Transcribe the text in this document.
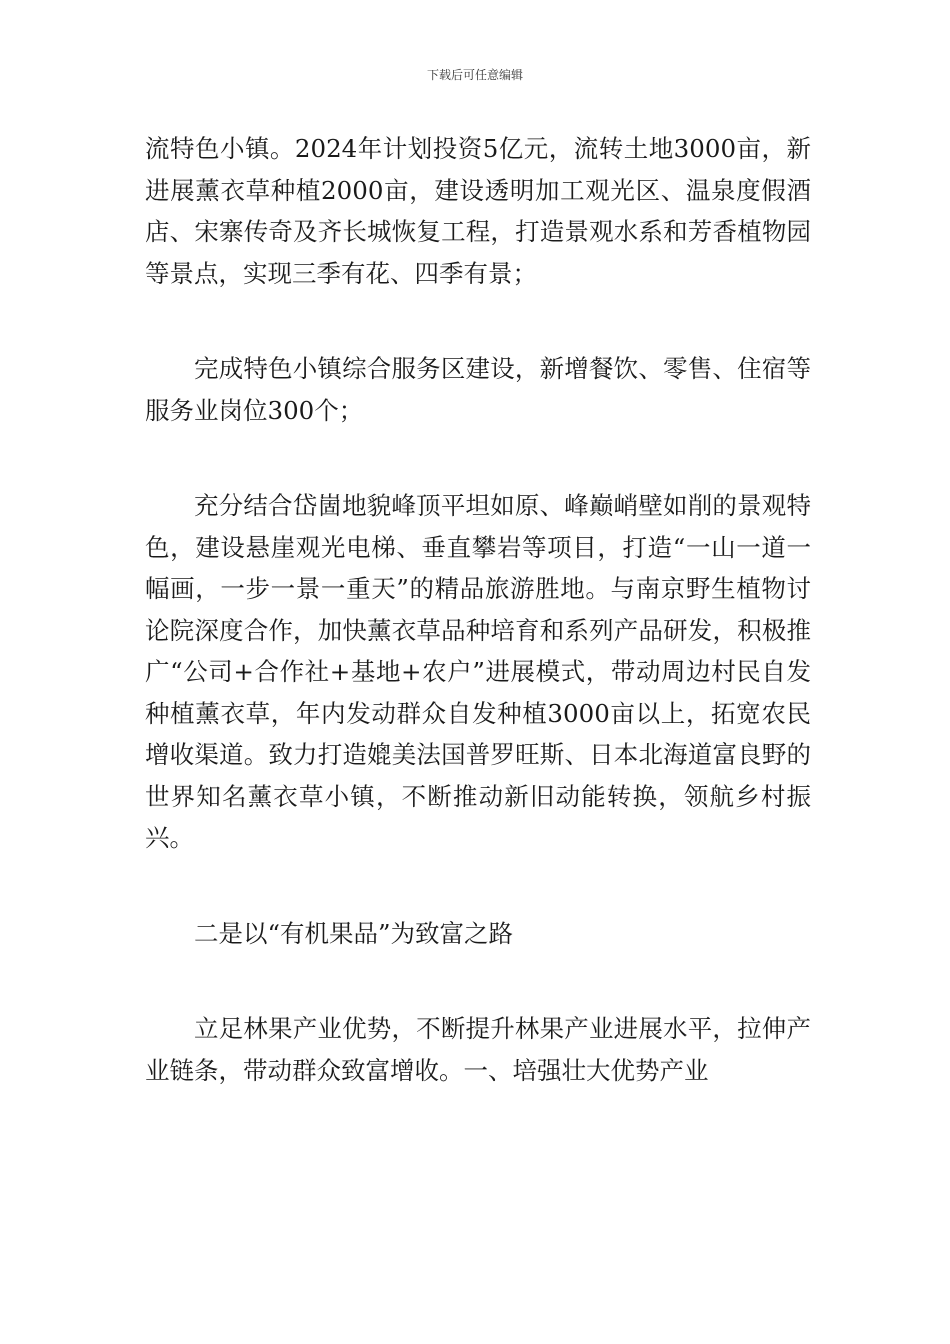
下载后可任意编辑

流特色小镇。2024年计划投资5亿元，流转土地3000亩，新进展薰衣草种植2000亩，建设透明加工观光区、温泉度假酒店、宋寨传奇及齐长城恢复工程，打造景观水系和芳香植物园等景点，实现三季有花、四季有景；

完成特色小镇综合服务区建设，新增餐饮、零售、住宿等服务业岗位300个；

充分结合岱崮地貌峰顶平坦如原、峰巅峭壁如削的景观特色，建设悬崖观光电梯、垂直攀岩等项目，打造“一山一道一幅画，一步一景一重天”的精品旅游胜地。与南京野生植物讨论院深度合作，加快薰衣草品种培育和系列产品研发，积极推广“公司+合作社+基地+农户”进展模式，带动周边村民自发种植薰衣草，年内发动群众自发种植3000亩以上，拓宽农民增收渠道。致力打造媲美法国普罗旺斯、日本北海道富良野的世界知名薰衣草小镇，不断推动新旧动能转换，领航乡村振兴。

二是以“有机果品”为致富之路

立足林果产业优势，不断提升林果产业进展水平，拉伸产业链条，带动群众致富增收。一、培强壮大优势产业
